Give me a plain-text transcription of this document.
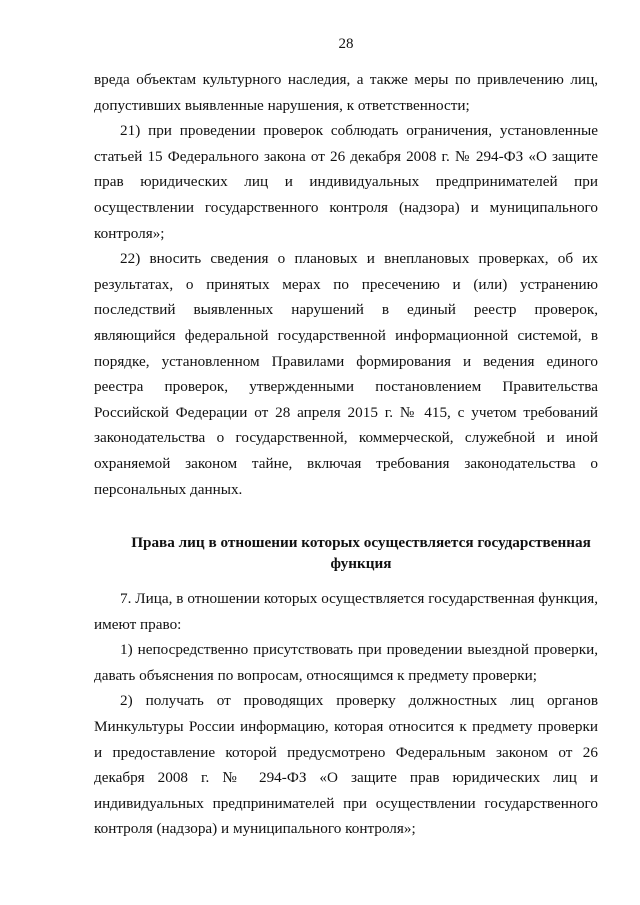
28

вреда объектам культурного наследия, а также меры по привлечению лиц, допустивших выявленные нарушения, к ответственности;

21) при проведении проверок соблюдать ограничения, установленные статьей 15 Федерального закона от 26 декабря 2008 г. № 294-ФЗ «О защите прав юридических лиц и индивидуальных предпринимателей при осуществлении государственного контроля (надзора) и муниципального контроля»;

22) вносить сведения о плановых и внеплановых проверках, об их результатах, о принятых мерах по пресечению и (или) устранению последствий выявленных нарушений в единый реестр проверок, являющийся федеральной государственной информационной системой, в порядке, установленном Правилами формирования и ведения единого реестра проверок, утвержденными постановлением Правительства Российской Федерации от 28 апреля 2015 г. № 415, с учетом требований законодательства о государственной, коммерческой, служебной и иной охраняемой законом тайне, включая требования законодательства о персональных данных.

Права лиц в отношении которых осуществляется государственная функция

7. Лица, в отношении которых осуществляется государственная функция, имеют право:

1) непосредственно присутствовать при проведении выездной проверки, давать объяснения по вопросам, относящимся к предмету проверки;

2) получать от проводящих проверку должностных лиц органов Минкультуры России информацию, которая относится к предмету проверки и предоставление которой предусмотрено Федеральным законом от 26 декабря 2008 г. № 294-ФЗ «О защите прав юридических лиц и индивидуальных предпринимателей при осуществлении государственного контроля (надзора) и муниципального контроля»;
